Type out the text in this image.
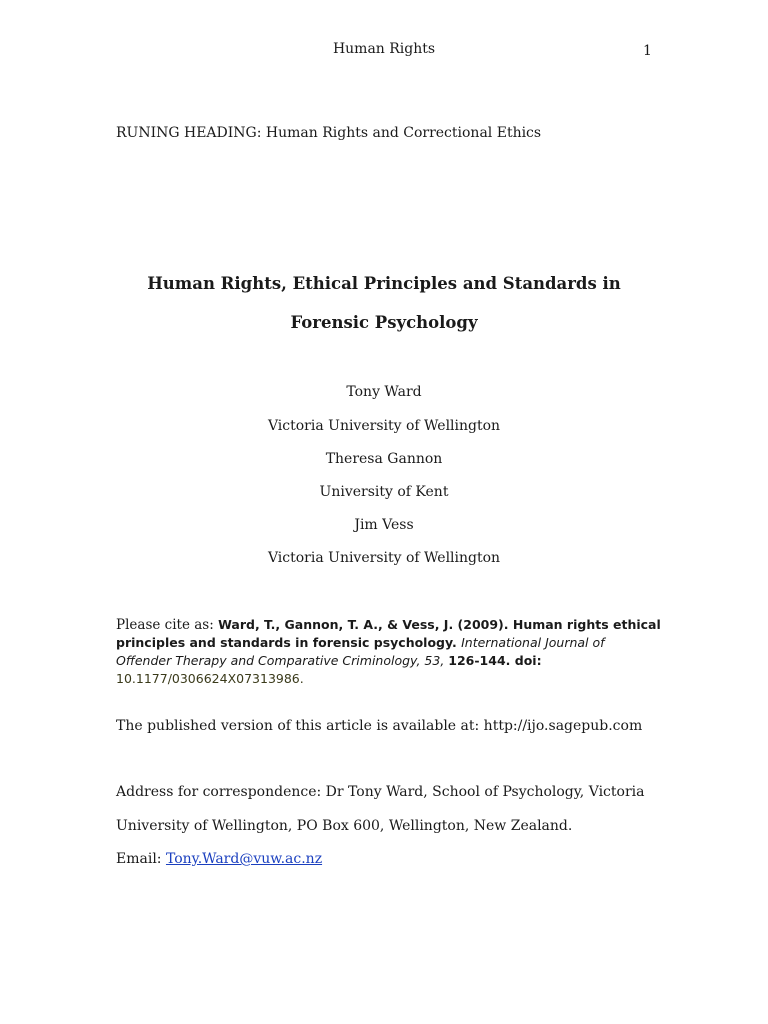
Human Rights	1
RUNING HEADING: Human Rights and Correctional Ethics
Human Rights, Ethical Principles and Standards in
Forensic Psychology
Tony Ward
Victoria University of Wellington
Theresa Gannon
University of Kent
Jim Vess
Victoria University of Wellington
Please cite as: Ward, T., Gannon, T. A., & Vess, J. (2009). Human rights ethical principles and standards in forensic psychology. International Journal of Offender Therapy and Comparative Criminology, 53, 126-144. doi: 10.1177/0306624X07313986.
The published version of this article is available at: http://ijo.sagepub.com
Address for correspondence: Dr Tony Ward, School of Psychology, Victoria
University of Wellington, PO Box 600, Wellington, New Zealand.
Email: Tony.Ward@vuw.ac.nz
